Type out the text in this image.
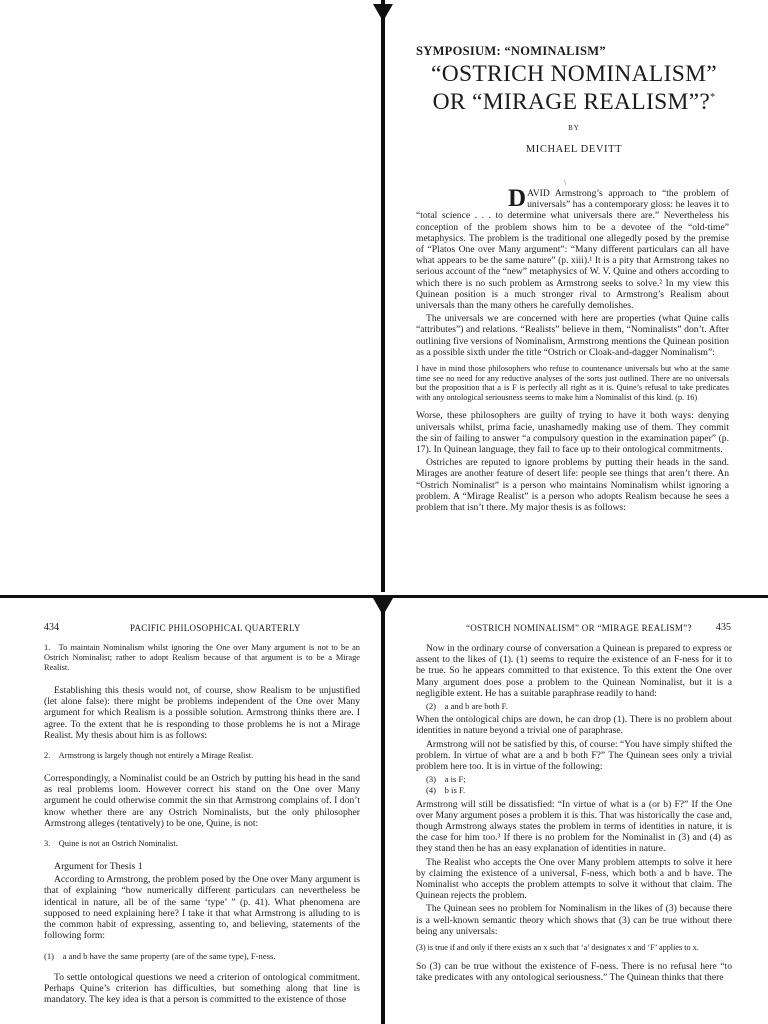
SYMPOSIUM: “NOMINALISM”
“OSTRICH NOMINALISM”
OR “MIRAGE REALISM”?*
BY
MICHAEL DEVITT
\

DAVID Armstrong’s approach to “the problem of universals” has a contemporary gloss: he leaves it to “total science . . . to determine what universals there are.” Nevertheless his conception of the problem shows him to be a devotee of the “old-time” metaphysics. The problem is the traditional one allegedly posed by the premise of “Platos One over Many argument”: “Many different particulars can all have what appears to be the same nature” (p. xiii).¹ It is a pity that Armstrong takes no serious account of the “new” metaphysics of W. V. Quine and others according to which there is no such problem as Armstrong seeks to solve.² In my view this Quinean position is a much stronger rival to Armstrong’s Realism about universals than the many others he carefully demolishes.

The universals we are concerned with here are properties (what Quine calls “attributes”) and relations. “Realists” believe in them, “Nominalists” don’t. After outlining five versions of Nominalism, Armstrong mentions the Quinean position as a possible sixth under the title “Ostrich or Cloak-and-dagger Nominalism”:

I have in mind those philosophers who refuse to countenance universals but who at the same time see no need for any reductive analyses of the sorts just outlined. There are no universals but the proposition that a is F is perfectly all right as it is. Quine’s refusal to take predicates with any ontological seriousness seems to make him a Nominalist of this kind. (p. 16)

Worse, these philosophers are guilty of trying to have it both ways: denying universals whilst, prima facie, unashamedly making use of them. They commit the sin of failing to answer “a compulsory question in the examination paper” (p. 17). In Quinean language, they fail to face up to their ontological commitments.

Ostriches are reputed to ignore problems by putting their heads in the sand. Mirages are another feature of desert life: people see things that aren’t there. An “Ostrich Nominalist” is a person who maintains Nominalism whilst ignoring a problem. A “Mirage Realist” is a person who adopts Realism because he sees a problem that isn’t there. My major thesis is as follows:

434	PACIFIC PHILOSOPHICAL QUARTERLY

1. To maintain Nominalism whilst ignoring the One over Many argument is not to be an Ostrich Nominalist; rather to adopt Realism because of that argument is to be a Mirage Realist.

Establishing this thesis would not, of course, show Realism to be unjustified (let alone false): there might be problems independent of the One over Many argument for which Realism is a possible solution. Armstrong thinks there are. I agree. To the extent that he is responding to those problems he is not a Mirage Realist. My thesis about him is as follows:

2. Armstrong is largely though not entirely a Mirage Realist.

Correspondingly, a Nominalist could be an Ostrich by putting his head in the sand as real problems loom. However correct his stand on the One over Many argument he could otherwise commit the sin that Armstrong complains of. I don’t know whether there are any Ostrich Nominalists, but the only philosopher Armstrong alleges (tentatively) to be one, Quine, is not:

3. Quine is not an Ostrich Nominalist.

Argument for Thesis 1

According to Armstrong, the problem posed by the One over Many argument is that of explaining “how numerically different particulars can nevertheless be identical in nature, all be of the same ‘type’ ” (p. 41). What phenomena are supposed to need explaining here? I take it that what Armstrong is alluding to is the common habit of expressing, assenting to, and believing, statements of the following form:

(1) a and b have the same property (are of the same type), F-ness.

To settle ontological questions we need a criterion of ontological commitment. Perhaps Quine’s criterion has difficulties, but something along that line is mandatory. The key idea is that a person is committed to the existence of those

“OSTRICH NOMINALISM” OR “MIRAGE REALISM”? 435

Now in the ordinary course of conversation a Quinean is prepared to express or assent to the likes of (1). (1) seems to require the existence of an F-ness for it to be true. So he appears committed to that existence. To this extent the One over Many argument does pose a problem to the Quinean Nominalist, but it is a negligible extent. He has a suitable paraphrase readily to hand:

(2) a and b are both F.

When the ontological chips are down, he can drop (1). There is no problem about identities in nature beyond a trivial one of paraphrase.

Armstrong will not be satisfied by this, of course: “You have simply shifted the problem. In virtue of what are a and b both F?” The Quinean sees only a trivial problem here too. It is in virtue of the following:

(3) a is F;

(4) b is F.

Armstrong will still be dissatisfied: “In virtue of what is a (or b) F?” If the One over Many argument poses a problem it is this. That was historically the case and, though Armstrong always states the problem in terms of identities in nature, it is the case for him too.³ If there is no problem for the Nominalist in (3) and (4) as they stand then he has an easy explanation of identities in nature.

The Realist who accepts the One over Many problem attempts to solve it here by claiming the existence of a universal, F-ness, which both a and b have. The Nominalist who accepts the problem attempts to solve it without that claim. The Quinean rejects the problem.

The Quinean sees no problem for Nominalism in the likes of (3) because there is a well-known semantic theory which shows that (3) can be true without there being any universals:

(3) is true if and only if there exists an x such that ‘a’ designates x and ‘F’ applies to x.

So (3) can be true without the existence of F-ness. There is no refusal here “to take predicates with any ontological seriousness.” The Quinean thinks that there
